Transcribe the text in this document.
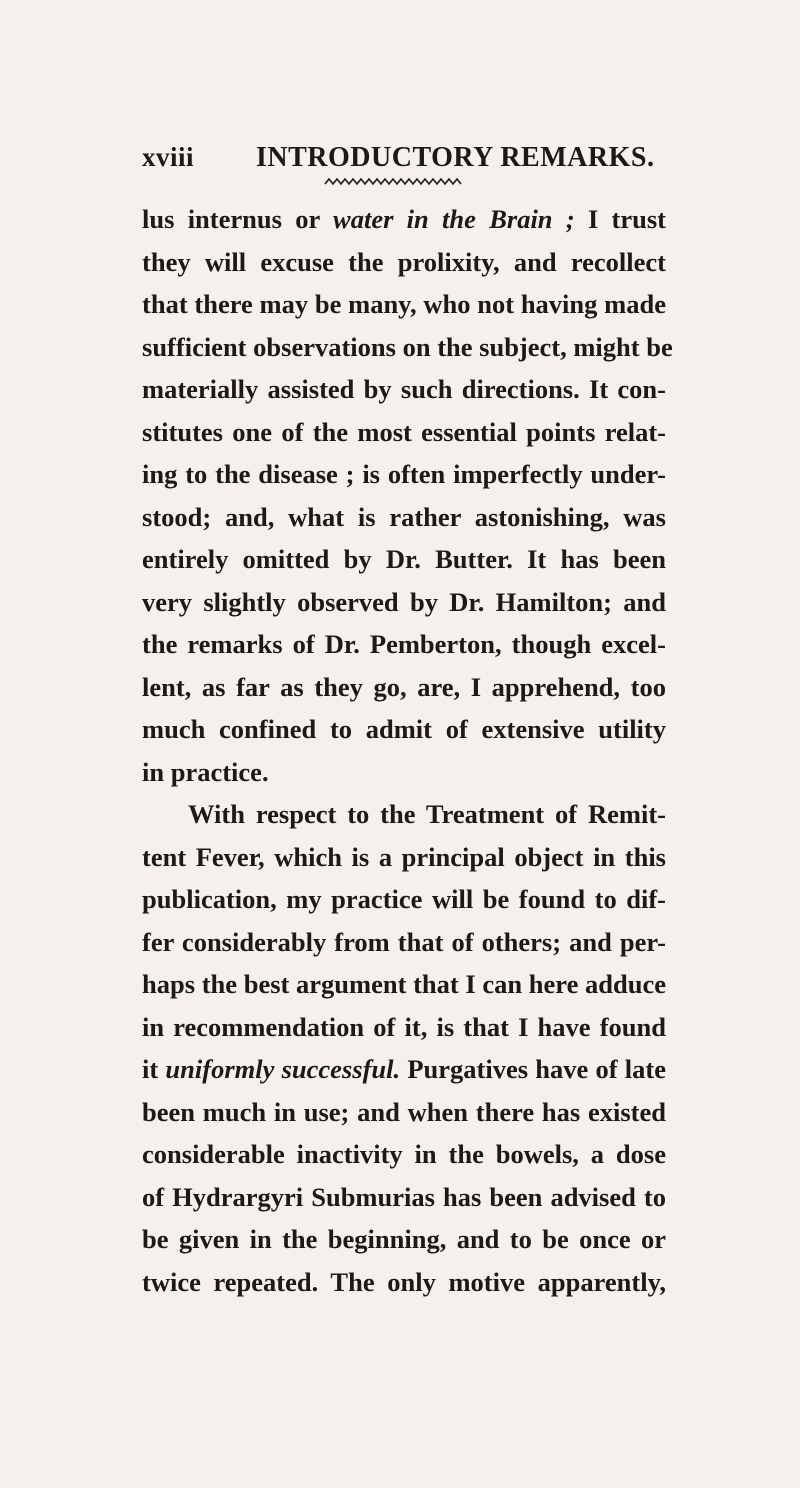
xviii INTRODUCTORY REMARKS.
lus internus or water in the Brain ; I trust
they will excuse the prolixity, and recollect
that there may be many, who not having made
sufficient observations on the subject, might be
materially assisted by such directions. It con-
stitutes one of the most essential points relat-
ing to the disease ; is often imperfectly under-
stood; and, what is rather astonishing, was
entirely omitted by Dr. Butter. It has been
very slightly observed by Dr. Hamilton; and
the remarks of Dr. Pemberton, though excel-
lent, as far as they go, are, I apprehend, too
much confined to admit of extensive utility
in practice.
With respect to the Treatment of Remit-
tent Fever, which is a principal object in this
publication, my practice will be found to dif-
fer considerably from that of others; and per-
haps the best argument that I can here adduce
in recommendation of it, is that I have found
it uniformly successful. Purgatives have of late
been much in use; and when there has existed
considerable inactivity in the bowels, a dose
of Hydrargyri Submurias has been advised to
be given in the beginning, and to be once or
twice repeated. The only motive apparently,
